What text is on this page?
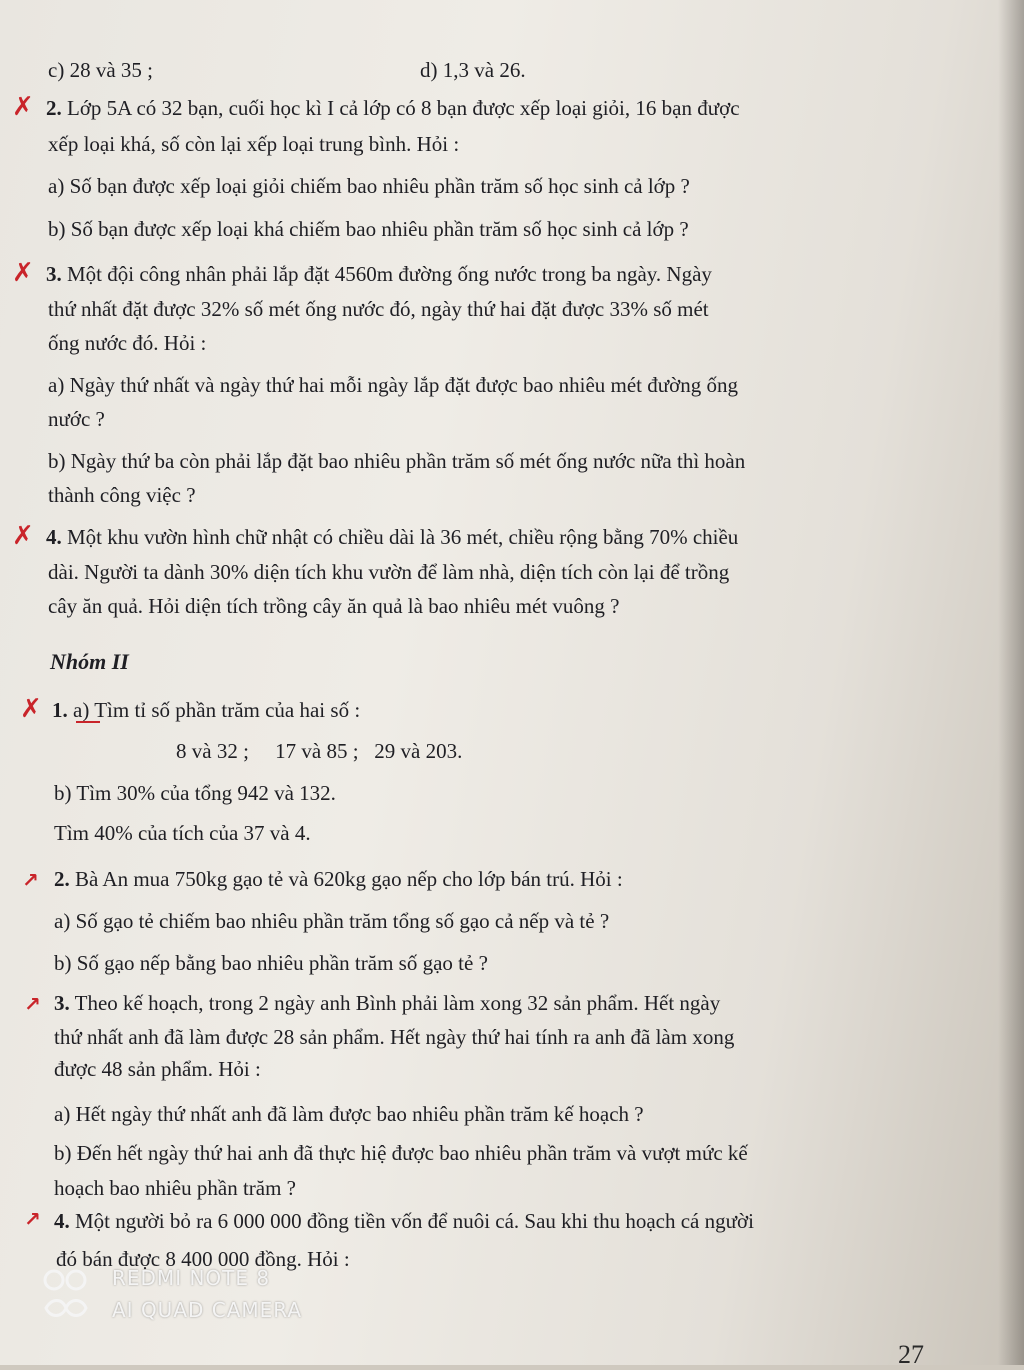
c) 28 và 35 ;	d) 1,3 và 26.
✗ 2. Lớp 5A có 32 bạn, cuối học kì I cả lớp có 8 bạn được xếp loại giỏi, 16 bạn được
xếp loại khá, số còn lại xếp loại trung bình. Hỏi :
a) Số bạn được xếp loại giỏi chiếm bao nhiêu phần trăm số học sinh cả lớp ?
b) Số bạn được xếp loại khá chiếm bao nhiêu phần trăm số học sinh cả lớp ?
✗ 3. Một đội công nhân phải lắp đặt 4560m đường ống nước trong ba ngày. Ngày
thứ nhất đặt được 32% số mét ống nước đó, ngày thứ hai đặt được 33% số mét
ống nước đó. Hỏi :
a) Ngày thứ nhất và ngày thứ hai mỗi ngày lắp đặt được bao nhiêu mét đường ống
nước ?
b) Ngày thứ ba còn phải lắp đặt bao nhiêu phần trăm số mét ống nước nữa thì hoàn
thành công việc ?
✗ 4. Một khu vườn hình chữ nhật có chiều dài là 36 mét, chiều rộng bằng 70% chiều
dài. Người ta dành 30% diện tích khu vườn để làm nhà, diện tích còn lại để trồng
cây ăn quả. Hỏi diện tích trồng cây ăn quả là bao nhiêu mét vuông ?
Nhóm II
✗ 1. a) Tìm tỉ số phần trăm của hai số :
8 và 32 ;     17 và 85 ;   29 và 203.
b) Tìm 30% của tổng 942 và 132.
Tìm 40% của tích của 37 và 4.
↗ 2. Bà An mua 750kg gạo tẻ và 620kg gạo nếp cho lớp bán trú. Hỏi :
a) Số gạo tẻ chiếm bao nhiêu phần trăm tổng số gạo cả nếp và tẻ ?
b) Số gạo nếp bằng bao nhiêu phần trăm số gạo tẻ ?
↗ 3. Theo kế hoạch, trong 2 ngày anh Bình phải làm xong 32 sản phẩm. Hết ngày
thứ nhất anh đã làm được 28 sản phẩm. Hết ngày thứ hai tính ra anh đã làm xong
được 48 sản phẩm. Hỏi :
a) Hết ngày thứ nhất anh đã làm được bao nhiêu phần trăm kế hoạch ?
b) Đến hết ngày thứ hai anh đã thực hiệ được bao nhiêu phần trăm và vượt mức kế
hoạch bao nhiêu phần trăm ?
↗ 4. Một người bỏ ra 6 000 000 đồng tiền vốn để nuôi cá. Sau khi thu hoạch cá người
đó bán được 8 400 000 đồng. Hỏi :
REDMI NOTE 8
AI QUAD CAMERA
27
